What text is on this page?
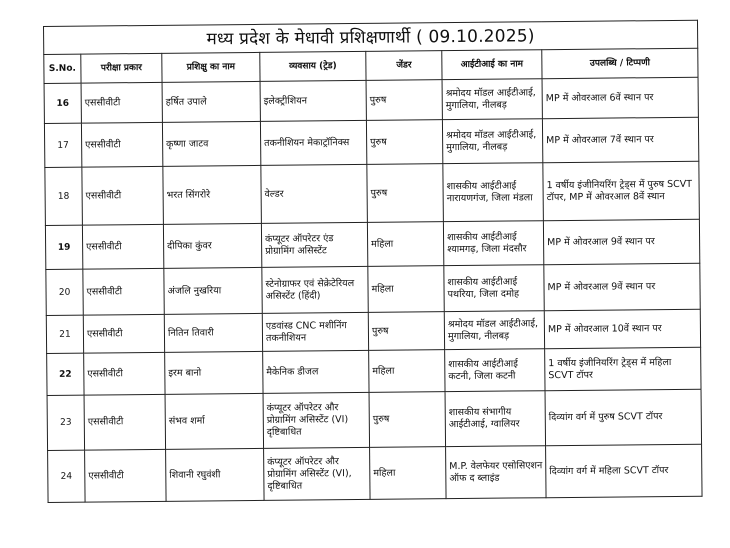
मध्य प्रदेश के मेधावी प्रशिक्षणार्थी ( 09.10.2025)						
S.No.	परीक्षा प्रकार	प्रशिक्षु का नाम	व्यवसाय (ट्रेड)	जेंडर	आईटीआई का नाम	उपलब्धि / टिप्पणी
16	एससीवीटी	हर्षित उपाले	इलेक्ट्रीशियन	पुरुष	श्रमोदय मॉडल आईटीआई, मुगालिया, नीलबड़	MP में ओवरआल 6वें स्थान पर
17	एससीवीटी	कृष्णा जाटव	तकनीशियन मेकाट्रॉनिक्स	पुरुष	श्रमोदय मॉडल आईटीआई, मुगालिया, नीलबड़	MP में ओवरआल 7वें स्थान पर
18	एससीवीटी	भरत सिंगरोरे	वेल्डर	पुरुष	शासकीय आईटीआई नारायणगंज, जिला मंडला	1 वर्षीय इंजीनियरिंग ट्रेड्स में पुरुष SCVT टॉपर, MP में ओवरआल 8वें स्थान
19	एससीवीटी	दीपिका कुंवर	कंप्यूटर ऑपरेटर एंड प्रोग्रामिंग असिस्टेंट	महिला	शासकीय आईटीआई श्यामगढ़, जिला मंदसौर	MP में ओवरआल 9वें स्थान पर
20	एससीवीटी	अंजलि नुखरिया	स्टेनोग्राफर एवं सेक्रेटेरियल असिस्टेंट (हिंदी)	महिला	शासकीय आईटीआई पथरिया, जिला दमोह	MP में ओवरआल 9वें स्थान पर
21	एससीवीटी	नितिन तिवारी	एडवांस्ड CNC मशीनिंग तकनीशियन	पुरुष	श्रमोदय मॉडल आईटीआई, मुगालिया, नीलबड़	MP में ओवरआल 10वें स्थान पर
22	एससीवीटी	इरम बानो	मैकेनिक डीजल	महिला	शासकीय आईटीआई कटनी, जिला कटनी	1 वर्षीय इंजीनियरिंग ट्रेड्स में महिला SCVT टॉपर
23	एससीवीटी	संभव शर्मा	कंप्यूटर ऑपरेटर और प्रोग्रामिंग असिस्टेंट (VI) दृष्टिबाधित	पुरुष	शासकीय संभागीय आईटीआई, ग्वालियर	दिव्यांग वर्ग में पुरुष SCVT टॉपर
24	एससीवीटी	शिवानी रघुवंशी	कंप्यूटर ऑपरेटर और प्रोग्रामिंग असिस्टेंट (VI), दृष्टिबाधित	महिला	M.P. वेलफेयर एसोसिएशन ऑफ द ब्लाइंड	दिव्यांग वर्ग में महिला SCVT टॉपर
